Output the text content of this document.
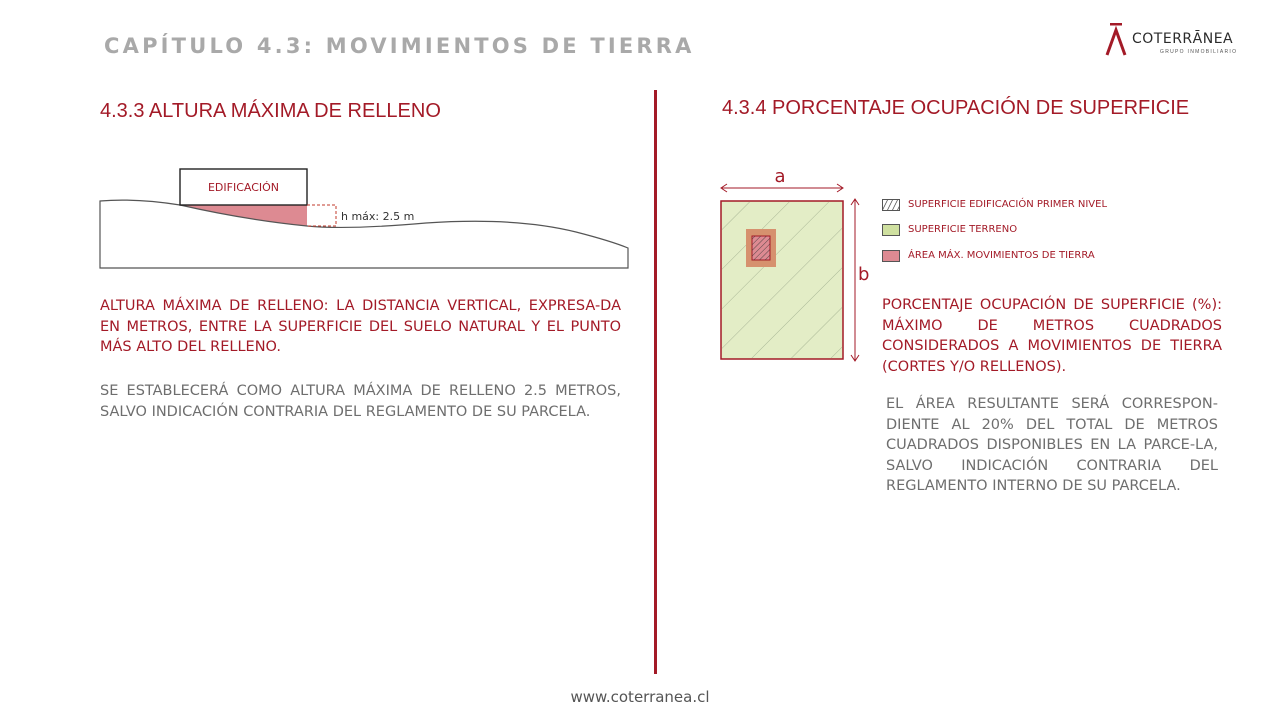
CAPÍTULO 4.3: MOVIMIENTOS DE TIERRA	COTERRĀNEA
GRUPO INMOBILIARIO
4.3.3 ALTURA MÁXIMA DE RELLENO
EDIFICACIÓN
h máx: 2.5 m
ALTURA MÁXIMA DE RELLENO: LA DISTANCIA VERTICAL, EXPRESA-DA EN METROS, ENTRE LA SUPERFICIE DEL SUELO NATURAL Y EL PUNTO MÁS ALTO DEL RELLENO.
SE ESTABLECERÁ COMO ALTURA MÁXIMA DE RELLENO 2.5 METROS, SALVO INDICACIÓN CONTRARIA DEL REGLAMENTO DE SU PARCELA.
4.3.4 PORCENTAJE OCUPACIÓN DE SUPERFICIE
a
b
SUPERFICIE EDIFICACIÓN PRIMER NIVEL
SUPERFICIE TERRENO
ÁREA MÁX. MOVIMIENTOS DE TIERRA
PORCENTAJE OCUPACIÓN DE SUPERFICIE (%): MÁXIMO DE METROS CUADRADOS CONSIDERADOS A MOVIMIENTOS DE TIERRA (CORTES Y/O RELLENOS).
EL ÁREA RESULTANTE SERÁ CORRESPON-DIENTE AL 20% DEL TOTAL DE METROS CUADRADOS DISPONIBLES EN LA PARCE-LA, SALVO INDICACIÓN CONTRARIA DEL REGLAMENTO INTERNO DE SU PARCELA.
www.coterranea.cl
